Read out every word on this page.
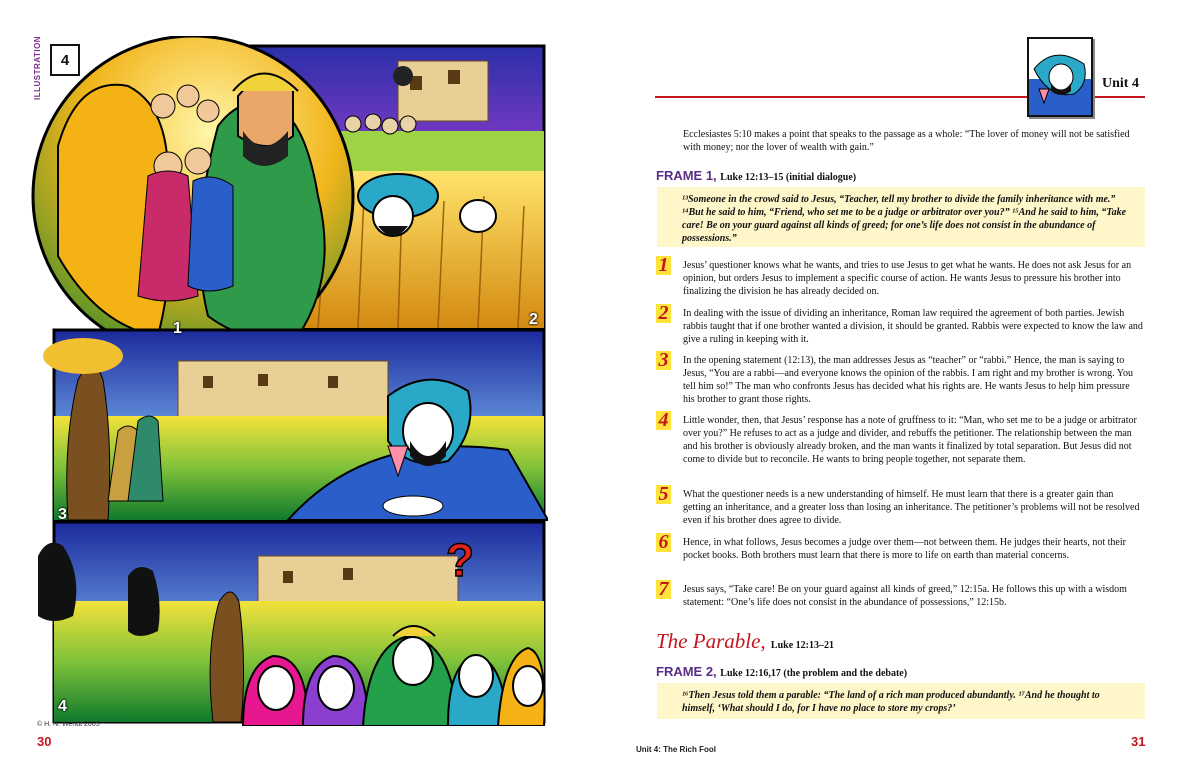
ILLUSTRATION	4
?
1
2
3
4
© H. N. Wendt 2005
30
Unit 4
Ecclesiastes 5:10 makes a point that speaks to the passage as a whole: “The lover of money will not be satisfied with money; nor the lover of wealth with gain.”
FRAME 1, Luke 12:13–15 (initial dialogue)
¹³Someone in the crowd said to Jesus, “Teacher, tell my brother to divide the family inheritance with me.” ¹⁴But he said to him, “Friend, who set me to be a judge or arbitrator over you?” ¹⁵And he said to him, “Take care! Be on your guard against all kinds of greed; for one’s life does not consist in the abundance of possessions.”
1 Jesus’ questioner knows what he wants, and tries to use Jesus to get what he wants. He does not ask Jesus for an opinion, but orders Jesus to implement a specific course of action. He wants Jesus to pressure his brother into finalizing the division he has already decided on.
2 In dealing with the issue of dividing an inheritance, Roman law required the agreement of both parties. Jewish rabbis taught that if one brother wanted a division, it should be granted. Rabbis were expected to know the law and give a ruling in keeping with it.
3 In the opening statement (12:13), the man addresses Jesus as “teacher” or “rabbi.” Hence, the man is saying to Jesus, “You are a rabbi—and everyone knows the opinion of the rabbis. I am right and my brother is wrong. You tell him so!” The man who confronts Jesus has decided what his rights are. He wants Jesus to help him pressure his brother to grant those rights.
4 Little wonder, then, that Jesus’ response has a note of gruffness to it: “Man, who set me to be a judge or arbitrator over you?” He refuses to act as a judge and divider, and rebuffs the petitioner. The relationship between the man and his brother is obviously already broken, and the man wants it finalized by total separation. But Jesus did not come to divide but to reconcile. He wants to bring people together, not separate them.
5 What the questioner needs is a new understanding of himself. He must learn that there is a greater gain than getting an inheritance, and a greater loss than losing an inheritance. The petitioner’s problems will not be resolved even if his brother does agree to divide.
6 Hence, in what follows, Jesus becomes a judge over them—not between them. He judges their hearts, not their pocket books. Both brothers must learn that there is more to life on earth than material concerns.
7 Jesus says, “Take care! Be on your guard against all kinds of greed,” 12:15a. He follows this up with a wisdom statement: “One’s life does not consist in the abundance of possessions,” 12:15b.
The Parable, Luke 12:13–21
FRAME 2, Luke 12:16,17 (the problem and the debate)
¹⁶Then Jesus told them a parable: “The land of a rich man produced abundantly. ¹⁷And he thought to himself, ‘What should I do, for I have no place to store my crops?’
Unit 4: The Rich Fool
31
